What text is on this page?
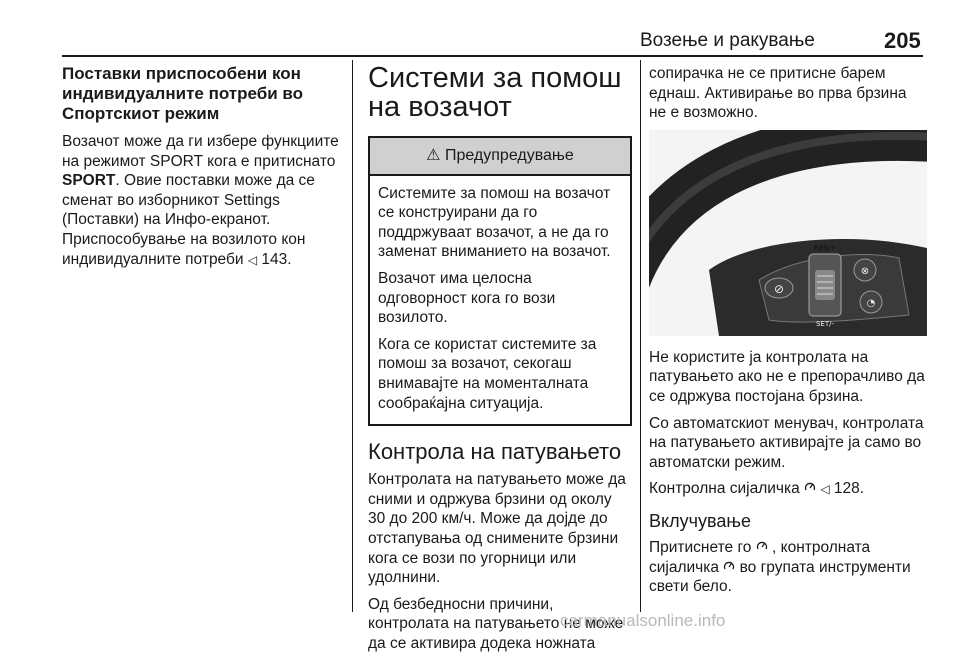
Возење и ракување	205
Поставки приспособени кон индивидуалните потреби во Спортскиот режим

Возачот може да ги избере функциите на режимот SPORT кога е притиснато SPORT. Овие поставки може да се сменат во изборникот Settings (Поставки) на Инфо-екранот. Приспособување на возилото кон индивидуалните потреби ◁ 143.

Системи за помош на возачот
⚠ Предупредување

Системите за помош на возачот се конструирани да го поддржуваат возачот, а не да го заменат вниманието на возачот.

Возачот има целосна одговорност кога го вози возилото.

Кога се користат системите за помош за возачот, секогаш внимавајте на моменталната сообраќајна ситуација.

Контрола на патувањето

Контролата на патувањето може да сними и одржува брзини од околу 30 до 200 км/ч. Може да дојде до отстапувања од снимените брзини кога се вози по угорници или удолнини.

Од безбедносни причини, контролата на патувањето не може да се активира додека ножната

сопирачка не се притисне барем еднаш. Активирање во прва брзина не е возможно.

⊘
RES/+
SET/-
⊗
◔

Не користите ја контролата на патувањето ако не е препорачливо да се одржува постојана брзина.

Со автоматскиот менувач, контролата на патувањето активирајте ја само во автоматски режим.

Контролна сијаличка  ◁ 128.

Вклучување

Притиснете го  , контролната сијаличка  во групата инструменти свети бело.

carmanualsonline.info
